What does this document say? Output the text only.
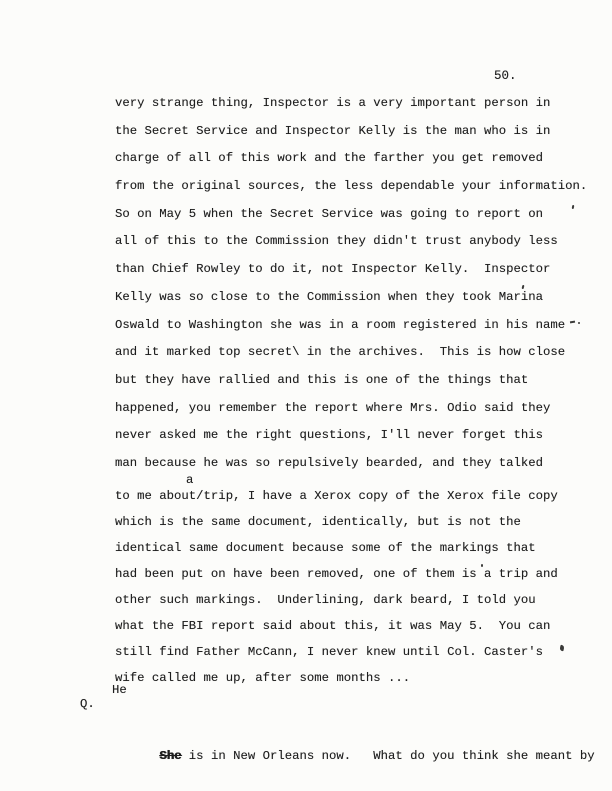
50.
very strange thing, Inspector is a very important person in
the Secret Service and Inspector Kelly is the man who is in
charge of all of this work and the farther you get removed
from the original sources, the less dependable your information.
So on May 5 when the Secret Service was going to report on
all of this to the Commission they didn't trust anybody less
than Chief Rowley to do it, not Inspector Kelly.  Inspector
Kelly was so close to the Commission when they took Marina
Oswald to Washington she was in a room registered in his name
and it marked top secret\ in the archives.  This is how close
but they have rallied and this is one of the things that
happened, you remember the report where Mrs. Odio said they
never asked me the right questions, I'll never forget this
man because he was so repulsively bearded, and they talked
a
to me about/trip, I have a Xerox copy of the Xerox file copy
which is the same document, identically, but is not the
identical same document because some of the markings that
had been put on have been removed, one of them is a trip and
other such markings.  Underlining, dark beard, I told you
what the FBI report said about this, it was May 5.  You can
still find Father McCann, I never knew until Col. Caster's
wife called me up, after some months ...

Q.

She is in New Orleans now.   What do you think she meant by

He
